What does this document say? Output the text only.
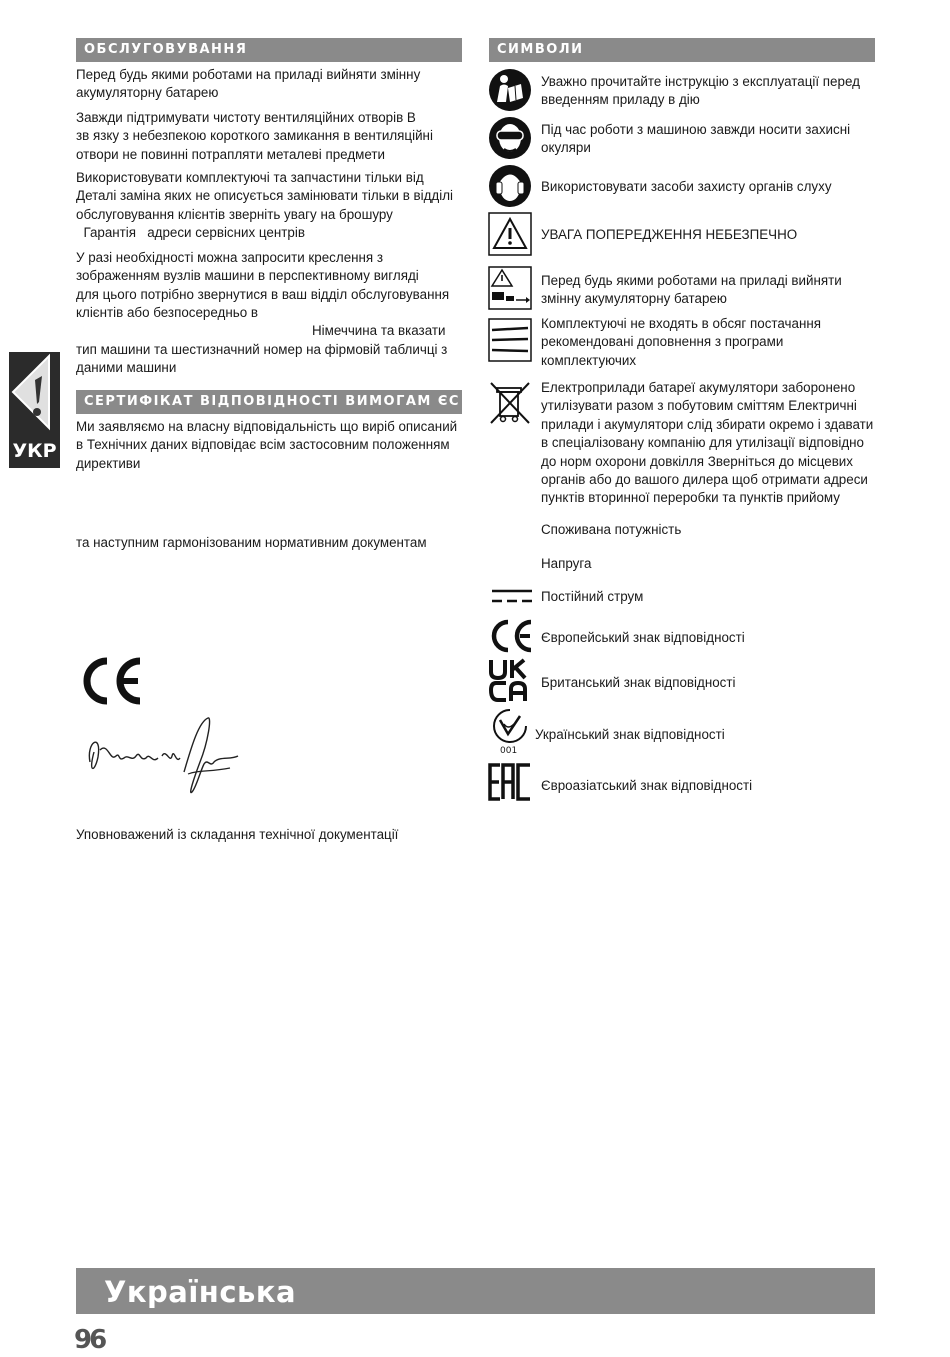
ОБСЛУГОВУВАННЯ

Перед будь якими роботами на приладі вийняти змінну
акумуляторну батарею

Завжди підтримувати чистоту вентиляційних отворів В
зв язку з небезпекою короткого замикання в вентиляційні
отвори не повинні потрапляти металеві предмети

Використовувати комплектуючі та запчастини тільки від
Деталі заміна яких не описується замінювати тільки в відділі
обслуговування клієнтів зверніть увагу на брошуру
Гарантія   адреси сервісних центрів

У разі необхідності можна запросити креслення з
зображенням вузлів машини в перспективному вигляді
для цього потрібно звернутися в ваш відділ обслуговування
клієнтів або безпосередньо в

Німеччина та вказати

тип машини та шестизначний номер на фірмовій табличці з
даними машини

СЕРТИФІКАТ ВІДПОВІДНОСТІ ВИМОГАМ ЄС

Ми заявляємо на власну відповідальність що виріб описаний
в Технічних даних відповідає всім застосовним положенням
директиви

та наступним гармонізованим нормативним документам

Уповноважений із складання технічної документації

УКР
СИМВОЛИ
Уважно прочитайте інструкцію з експлуатації перед
введенням приладу в дію
Під час роботи з машиною завжди носити захисні
окуляри
Використовувати засоби захисту органів слуху
УВАГА ПОПЕРЕДЖЕННЯ НЕБЕЗПЕЧНО
Перед будь якими роботами на приладі вийняти
змінну акумуляторну батарею
Комплектуючі не входять в обсяг постачання
рекомендовані доповнення з програми
комплектуючих
Електроприлади батареї акумулятори заборонено
утилізувати разом з побутовим сміттям Електричні
прилади і акумулятори слід збирати окремо і здавати
в спеціалізовану компанію для утилізації відповідно
до норм охорони довкілля Зверніться до місцевих
органів або до вашого дилера щоб отримати адреси
пунктів вторинної переробки та пунктів прийому
Споживана потужність
Напруга
Постійний струм
Європейський знак відповідності
Британський знак відповідності
001
Український знак відповідності
Євроазіатський знак відповідності
Українська
96
